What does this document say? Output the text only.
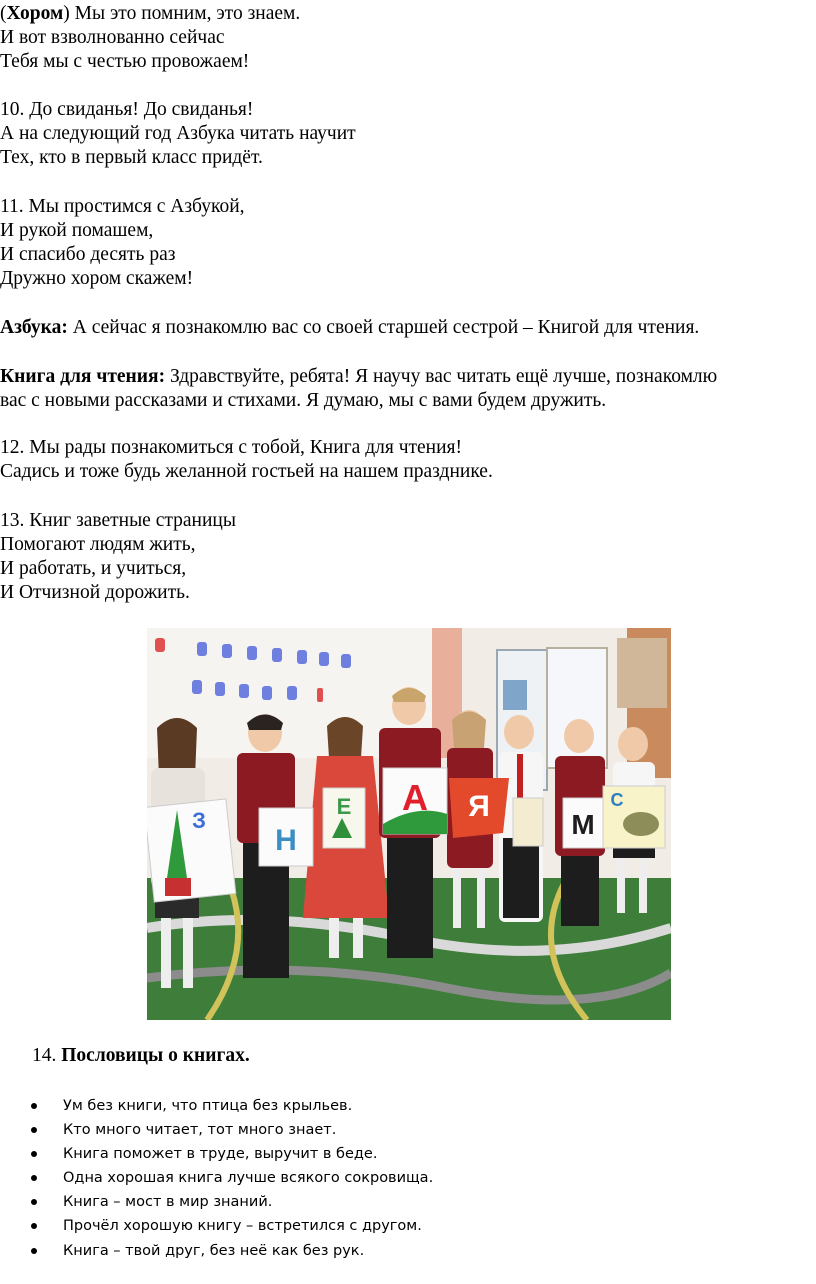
(Хором) Мы это помним, это знаем.
И вот взволнованно сейчас
Тебя мы с честью провожаем!
10. До свиданья! До свиданья!
А на следующий год Азбука читать научит
Тех, кто в первый класс придёт.
11. Мы простимся с Азбукой,
И рукой помашем,
И спасибо десять раз
Дружно хором скажем!
Азбука: А сейчас я познакомлю вас со своей старшей сестрой – Книгой для чтения.
Книга для чтения: Здравствуйте, ребята! Я научу вас читать ещё лучше, познакомлю
вас с новыми рассказами и стихами. Я думаю, мы с вами будем дружить.
12. Мы рады познакомиться с тобой, Книга для чтения!
Садись и тоже будь желанной гостьей на нашем празднике.
13. Книг заветные страницы
Помогают людям жить,
И работать, и учиться,
И Отчизной дорожить.
З
Н
Е А Я
М
С
14. Пословицы о книгах.
Ум без книги, что птица без крыльев.
Кто много читает, тот много знает.
Книга поможет в труде, выручит в беде.
Одна хорошая книга лучше всякого сокровища.
Книга – мост в мир знаний.
Прочёл хорошую книгу – встретился с другом.
Книга – твой друг, без неё как без рук.
